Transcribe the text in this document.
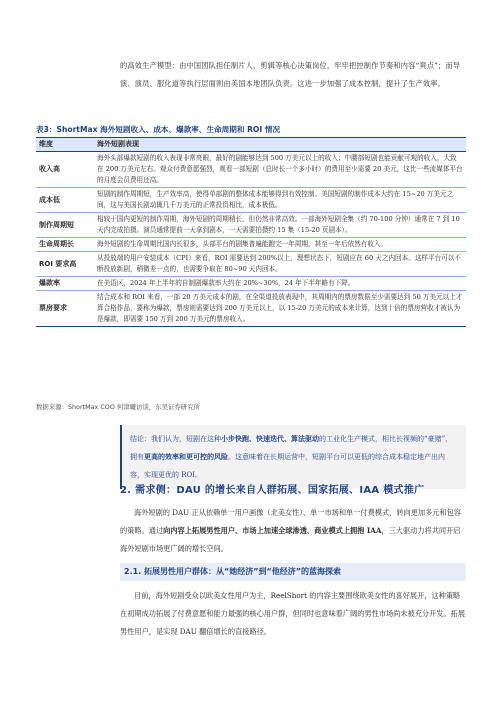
的高效生产模型：由中国团队担任制片人，剪辑等核心决策岗位，牢牢把控制作节奏和内容“爽点”；而导演、演员、服化道等执行层面则由美国本地团队负责。这进一步加强了成本控制，提升了生产效率。

表3：ShortMax 海外短剧收入、成本、爆款率、生命周期和 ROI 情况
维度	海外短剧表现
收入高	海外头部爆款短剧的收入表现非常亮眼，最好的剧能够达到 500 万美元以上的收入；中腰部短剧也能贡献可观的收入，大致在 200 万美元左右。观众付费意愿强烈，观看一部短剧（总时长一个多小时）的费用至少需要 20 美元，这比一些流媒体平台的月度会员费用还高。
成本低	短剧的制作周期短，生产效率高，使得单部剧的整体成本能够得到有效控制。美国短剧的制作成本大约在 15~20 万美元之间，这与美国长剧动辄几千万美元的正常投资相比，成本极低。
制作周期短	相较于国内更短的制作周期，海外短剧的周期稍长，但仍然非常高效。一部海外短剧全集（约 70-100 分钟）通常在 7 到 10 天内完成拍摄。演员通常提前一天拿到剧本，一天需要拍摄约 15 集（15-20 页剧本）。
生命周期长	海外短剧的生命周期比国内长很多，头部平台的剧集普遍能跑完一年周期，甚至一年后依然有收入。
ROI 要求高	从投放端的用户安装成本（CPI）来看，ROI 需要达到 200%以上，理想状态下，短剧应在 60 天之内回本。这样平台可以不断投放新剧，稍微差一点的，也需要争取在 80~90 天内回本。
爆款率	在美语区，2024 年上半年的自制剧爆款率大约在 20%~30%，24 年下半年略有下降。
票房要求	结合成本和 ROI 来看，一部 20 万美元成本的剧，在全渠道投放表现中，其周期内的票房数据至少需要达到 50 万美元以上才算合格作品，要称为爆款，票房则需要达到 200 万美元以上，以 15-20 万美元的成本来计算，达到十倍的票房营收才被认为是爆款，即需要 150 万到 200 万美元的票房收入。
数据来源：ShortMax COO 何津曦访谈，东吴证券研究所
结论：我们认为，短剧在这种小步快跑、快速迭代、算法驱动的工业化生产模式，相比长视频的“豪赌”，拥有更高的效率和更可控的风险。这意味着在长期运营中，短剧平台可以更低的综合成本稳定地产出内容，实现更优的 ROI。
2. 需求侧：DAU 的增长来自人群拓展、国家拓展、IAA 模式推广
海外短剧的 DAU 正从依赖单一用户画像（北美女性）、单一市场和单一付费模式，转向更加多元和包容的策略。通过向内容上拓展男性用户、市场上加速全球渗透、商业模式上拥抱 IAA，三大驱动力将共同开启海外短剧市场更广阔的增长空间。
2.1. 拓展男性用户群体：从“她经济”到“他经济”的蓝海探索
目前，海外短剧受众以欧美女性用户为主，ReelShort 的内容主要围绕欧美女性的喜好展开，这种策略在初期成功拓展了付费意愿和能力最强的核心用户群，但同时也意味着广阔的男性市场尚未被充分开发。拓展男性用户，是实现 DAU 翻倍增长的直接路径。
